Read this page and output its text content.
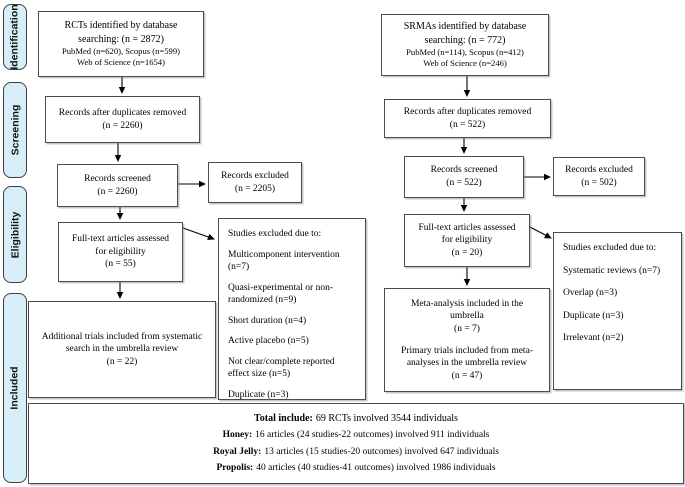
Identification
Screening
Eligibility
Included
RCTs identified by database
searching: (n = 2872)
PubMed (n=620), Scopus (n=599)
Web of Science (n=1654)
Records after duplicates removed
(n = 2260)
Records screened
(n = 2260)
Records excluded
(n = 2205)
Full-text articles assessed
for eligibility
(n = 55)
Studies excluded due to:
Multicomponent intervention (n=7)
Quasi-experimental or non-randomized (n=9)
Short duration (n=4)
Active placebo (n=5)
Not clear/complete reported effect size (n=5)
Duplicate (n=3)
Additional trials included from systematic
search in the umbrella review
(n = 22)
SRMAs identified by database
searching: (n = 772)
PubMed (n=114), Scopus (n=412)
Web of Science (n=246)
Records after duplicates removed
(n = 522)
Records screened
(n = 522)
Records excluded
(n = 502)
Full-text articles assessed
for eligibility
(n = 20)	Studies excluded due to:
Systematic reviews (n=7)
Overlap (n=3)
Duplicate (n=3)
Irrelevant (n=2)
Meta-analysis included in the
umbrella
(n = 7)
Primary trials included from meta-
analyses in the umbrella review
(n = 47)
Total include: 69 RCTs involved 3544 individuals
Honey: 16 articles (24 studies-22 outcomes) involved 911 individuals
Royal Jelly: 13 articles (15 studies-20 outcomes) involved 647 individuals
Propolis: 40 articles (40 studies-41 outcomes) involved 1986 individuals
